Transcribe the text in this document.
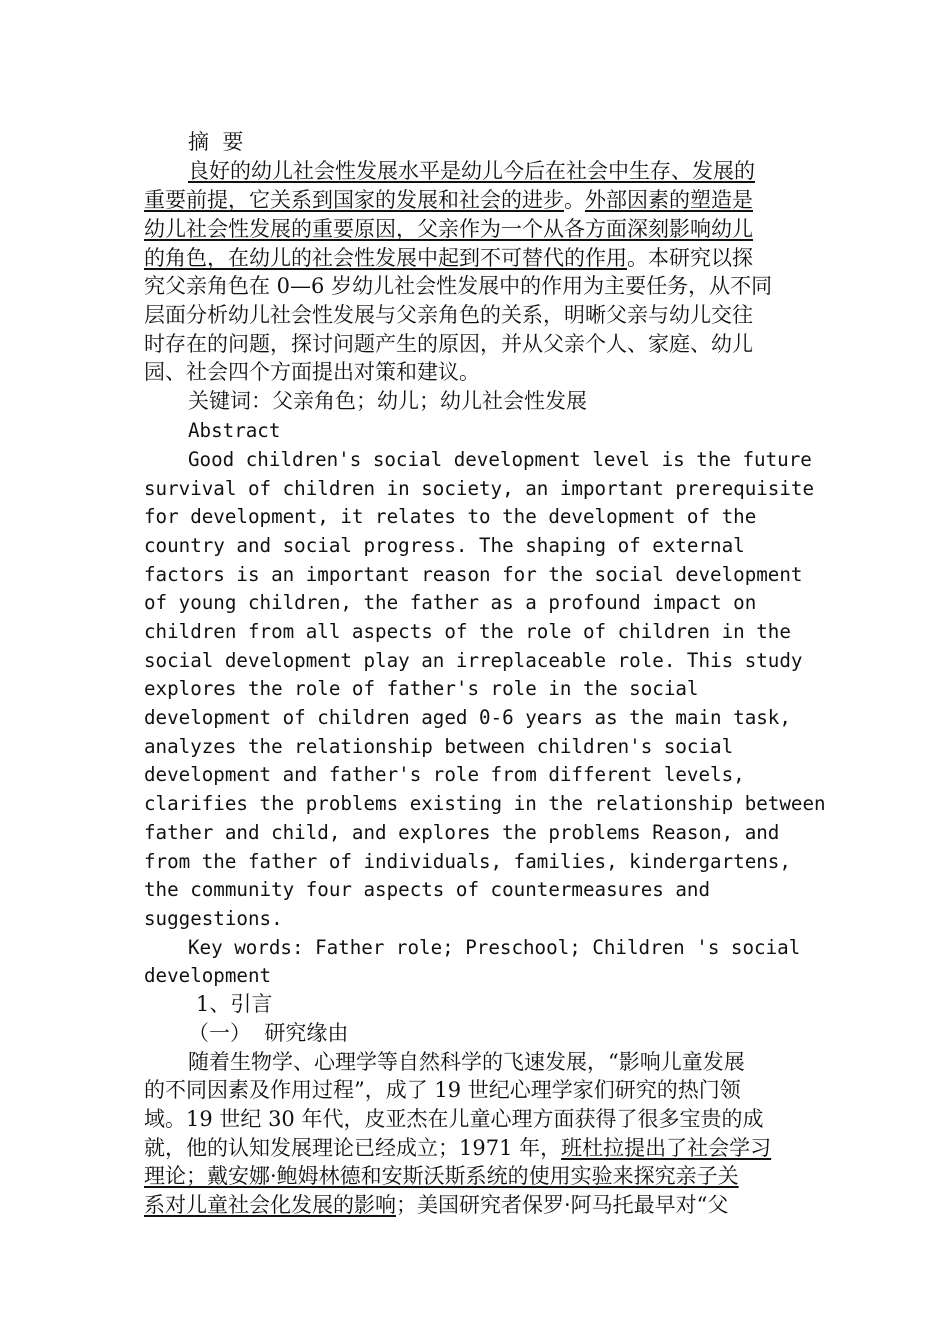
摘  要
良好的幼儿社会性发展水平是幼儿今后在社会中生存、发展的
重要前提，它关系到国家的发展和社会的进步。外部因素的塑造是
幼儿社会性发展的重要原因，父亲作为一个从各方面深刻影响幼儿
的角色，在幼儿的社会性发展中起到不可替代的作用。本研究以探
究父亲角色在 0—6 岁幼儿社会性发展中的作用为主要任务，从不同
层面分析幼儿社会性发展与父亲角色的关系，明晰父亲与幼儿交往
时存在的问题，探讨问题产生的原因，并从父亲个人、家庭、幼儿
园、社会四个方面提出对策和建议。
关键词：父亲角色；幼儿；幼儿社会性发展
Abstract
Good children's social development level is the future
survival of children in society, an important prerequisite
for development, it relates to the development of the
country and social progress. The shaping of external
factors is an important reason for the social development
of young children, the father as a profound impact on
children from all aspects of the role of children in the
social development play an irreplaceable role. This study
explores the role of father's role in the social
development of children aged 0-6 years as the main task,
analyzes the relationship between children's social
development and father's role from different levels,
clarifies the problems existing in the relationship between
father and child, and explores the problems Reason, and
from the father of individuals, families, kindergartens,
the community four aspects of countermeasures and
suggestions.
Key words: Father role; Preschool; Children 's social
development
1、引言
（一）  研究缘由
随着生物学、心理学等自然科学的飞速发展，“影响儿童发展
的不同因素及作用过程”，成了 19 世纪心理学家们研究的热门领
域。19 世纪 30 年代，皮亚杰在儿童心理方面获得了很多宝贵的成
就，他的认知发展理论已经成立；1971 年，班杜拉提出了社会学习
理论；戴安娜·鲍姆林德和安斯沃斯系统的使用实验来探究亲子关
系对儿童社会化发展的影响；美国研究者保罗·阿马托最早对“父
